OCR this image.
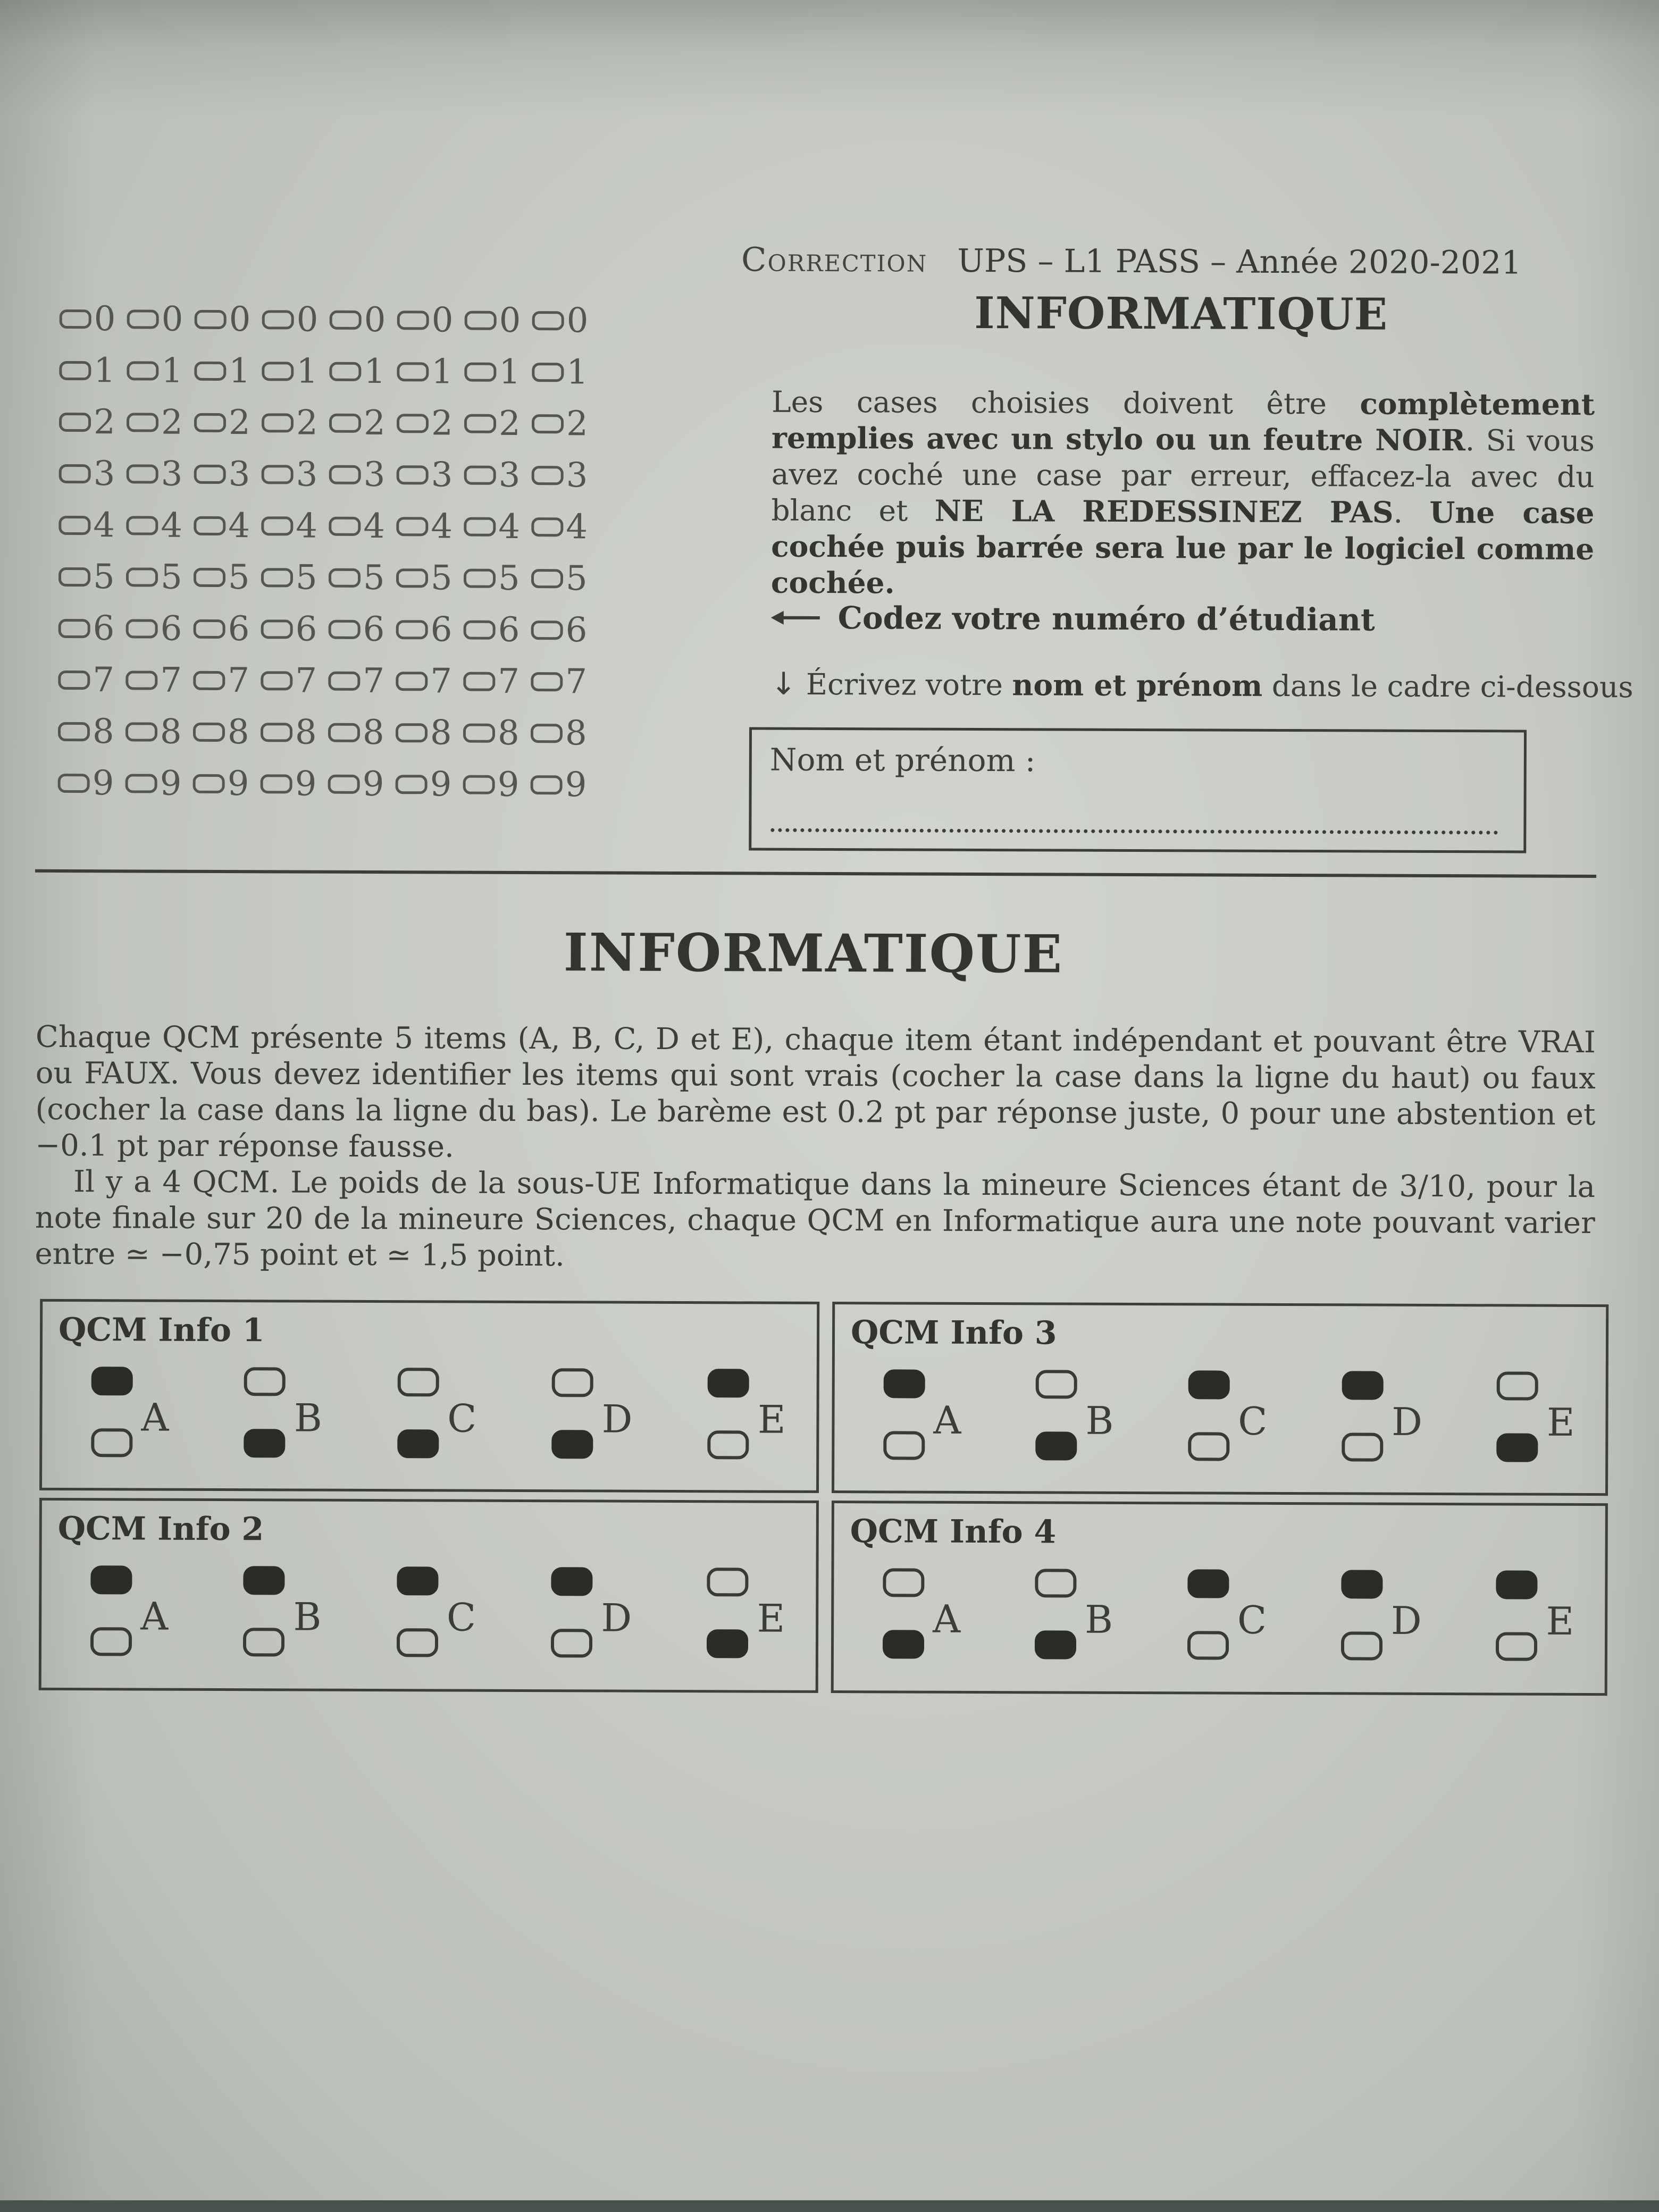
0 0 0 0 0 0 0 0
1 1 1 1 1 1 1 1
2 2 2 2 2 2 2 2
3 3 3 3 3 3 3 3
4 4 4 4 4 4 4 4
5 5 5 5 5 5 5 5
6 6 6 6 6 6 6 6
7 7 7 7 7 7 7 7
8 8 8 8 8 8 8 8
9 9 9 9 9 9 9 9
Correction UPS – L1 PASS – Année 2020-2021
INFORMATIQUE

Les cases choisies doivent être complètement remplies avec un stylo ou un feutre NOIR. Si vous avez coché une case par erreur, effacez-la avec du blanc et NE LA REDESSINEZ PAS. Une case cochée puis barrée sera lue par le logiciel comme cochée.

Codez votre numéro d’étudiant
↓ Écrivez votre nom et prénom dans le cadre ci-dessous
Nom et prénom :
INFORMATIQUE

Chaque QCM présente 5 items (A, B, C, D et E), chaque item étant indépendant et pouvant être VRAI ou FAUX. Vous devez identifier les items qui sont vrais (cocher la case dans la ligne du haut) ou faux (cocher la case dans la ligne du bas). Le barème est 0.2 pt par réponse juste, 0 pour une abstention et −0.1 pt par réponse fausse.

Il y a 4 QCM. Le poids de la sous-UE Informatique dans la mineure Sciences étant de 3/10, pour la note finale sur 20 de la mineure Sciences, chaque QCM en Informatique aura une note pouvant varier entre ≃ −0,75 point et ≃ 1,5 point.

QCM Info 1
A	B	C	D	E
QCM Info 3
A	B	C	D	E
QCM Info 2
A	B	C	D	E
QCM Info 4
A	B	C	D	E
